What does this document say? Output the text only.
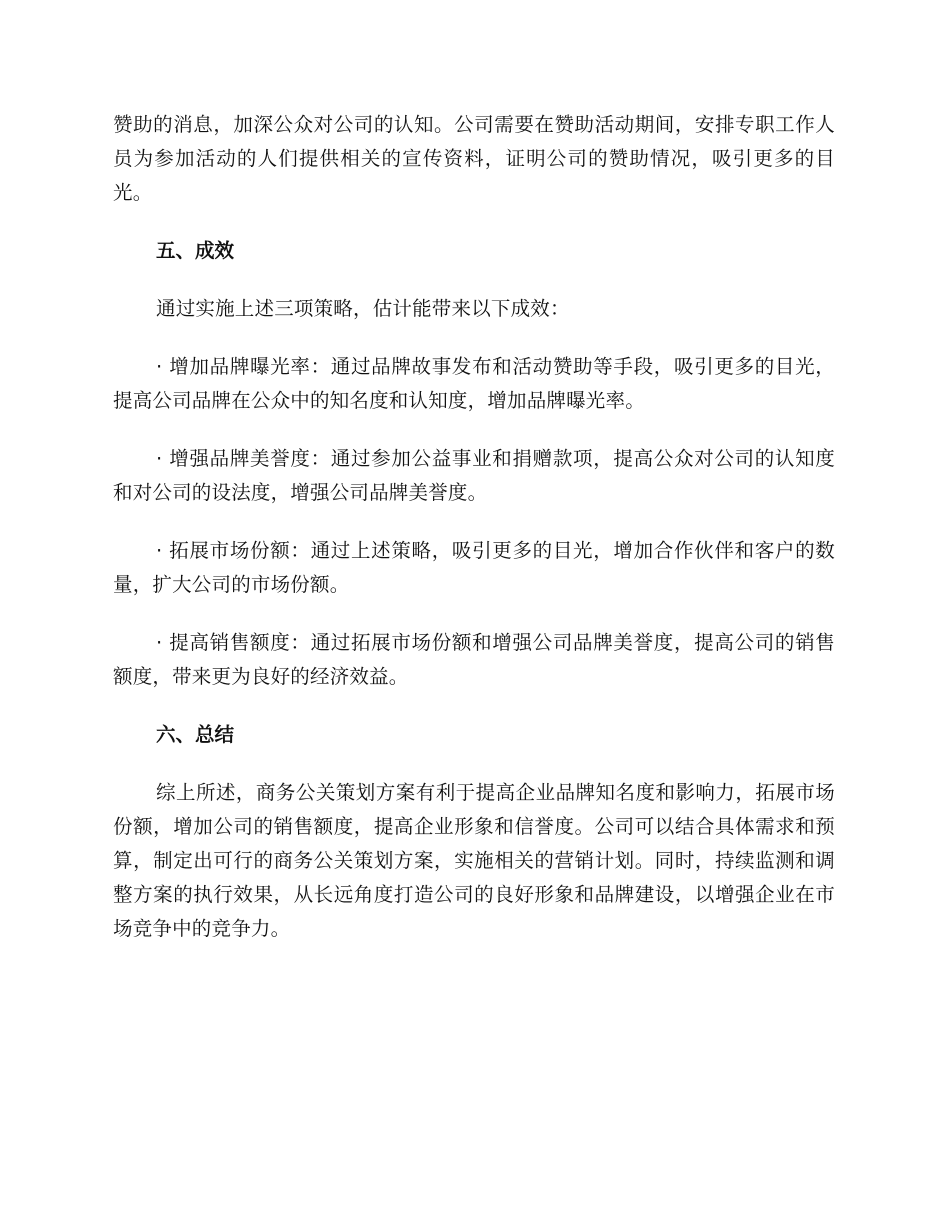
赞助的消息，加深公众对公司的认知。公司需要在赞助活动期间，安排专职工作人员为参加活动的人们提供相关的宣传资料，证明公司的赞助情况，吸引更多的目光。

五、成效

通过实施上述三项策略，估计能带来以下成效：

· 增加品牌曝光率：通过品牌故事发布和活动赞助等手段，吸引更多的目光，提高公司品牌在公众中的知名度和认知度，增加品牌曝光率。

· 增强品牌美誉度：通过参加公益事业和捐赠款项，提高公众对公司的认知度和对公司的设法度，增强公司品牌美誉度。

· 拓展市场份额：通过上述策略，吸引更多的目光，增加合作伙伴和客户的数量，扩大公司的市场份额。

· 提高销售额度：通过拓展市场份额和增强公司品牌美誉度，提高公司的销售额度，带来更为良好的经济效益。

六、总结

综上所述，商务公关策划方案有利于提高企业品牌知名度和影响力，拓展市场份额，增加公司的销售额度，提高企业形象和信誉度。公司可以结合具体需求和预算，制定出可行的商务公关策划方案，实施相关的营销计划。同时，持续监测和调整方案的执行效果，从长远角度打造公司的良好形象和品牌建设，以增强企业在市场竞争中的竞争力。
